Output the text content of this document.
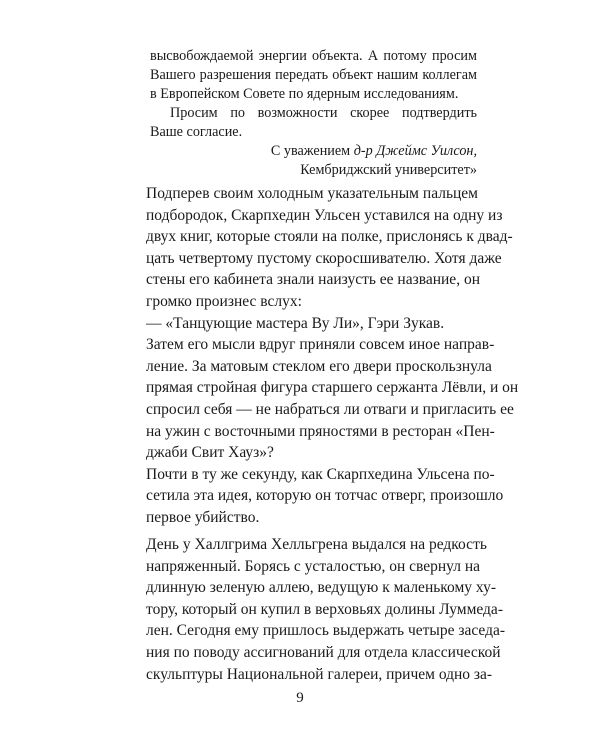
высвобождаемой энергии объекта. А потому просим Вашего разрешения передать объект нашим коллегам в Европейском Совете по ядерным исследованиям.

Просим по возможности скорее подтвердить Ваше согласие.

С уважением д-р Джеймс Уилсон,
Кембриджский университет»

Подперев своим холодным указательным пальцем
подбородок, Скарпхедин Ульсен уставился на одну из
двух книг, которые стояли на полке, прислонясь к двад-
цать четвертому пустому скоросшивателю. Хотя даже
стены его кабинета знали наизусть ее название, он
громко произнес вслух:

— «Танцующие мастера Ву Ли», Гэри Зукав.

Затем его мысли вдруг приняли совсем иное направ-
ление. За матовым стеклом его двери проскользнула
прямая стройная фигура старшего сержанта Лёвли, и он
спросил себя — не набраться ли отваги и пригласить ее
на ужин с восточными пряностями в ресторан «Пен-
джаби Свит Хауз»?

Почти в ту же секунду, как Скарпхедина Ульсена по-
сетила эта идея, которую он тотчас отверг, произошло
первое убийство.

День у Халлгрима Хелльгрена выдался на редкость
напряженный. Борясь с усталостью, он свернул на
длинную зеленую аллею, ведущую к маленькому ху-
тору, который он купил в верховьях долины Луммедa-
лен. Сегодня ему пришлось выдержать четыре заседа-
ния по поводу ассигнований для отдела классической
скульптуры Национальной галереи, причем одно за-

9
